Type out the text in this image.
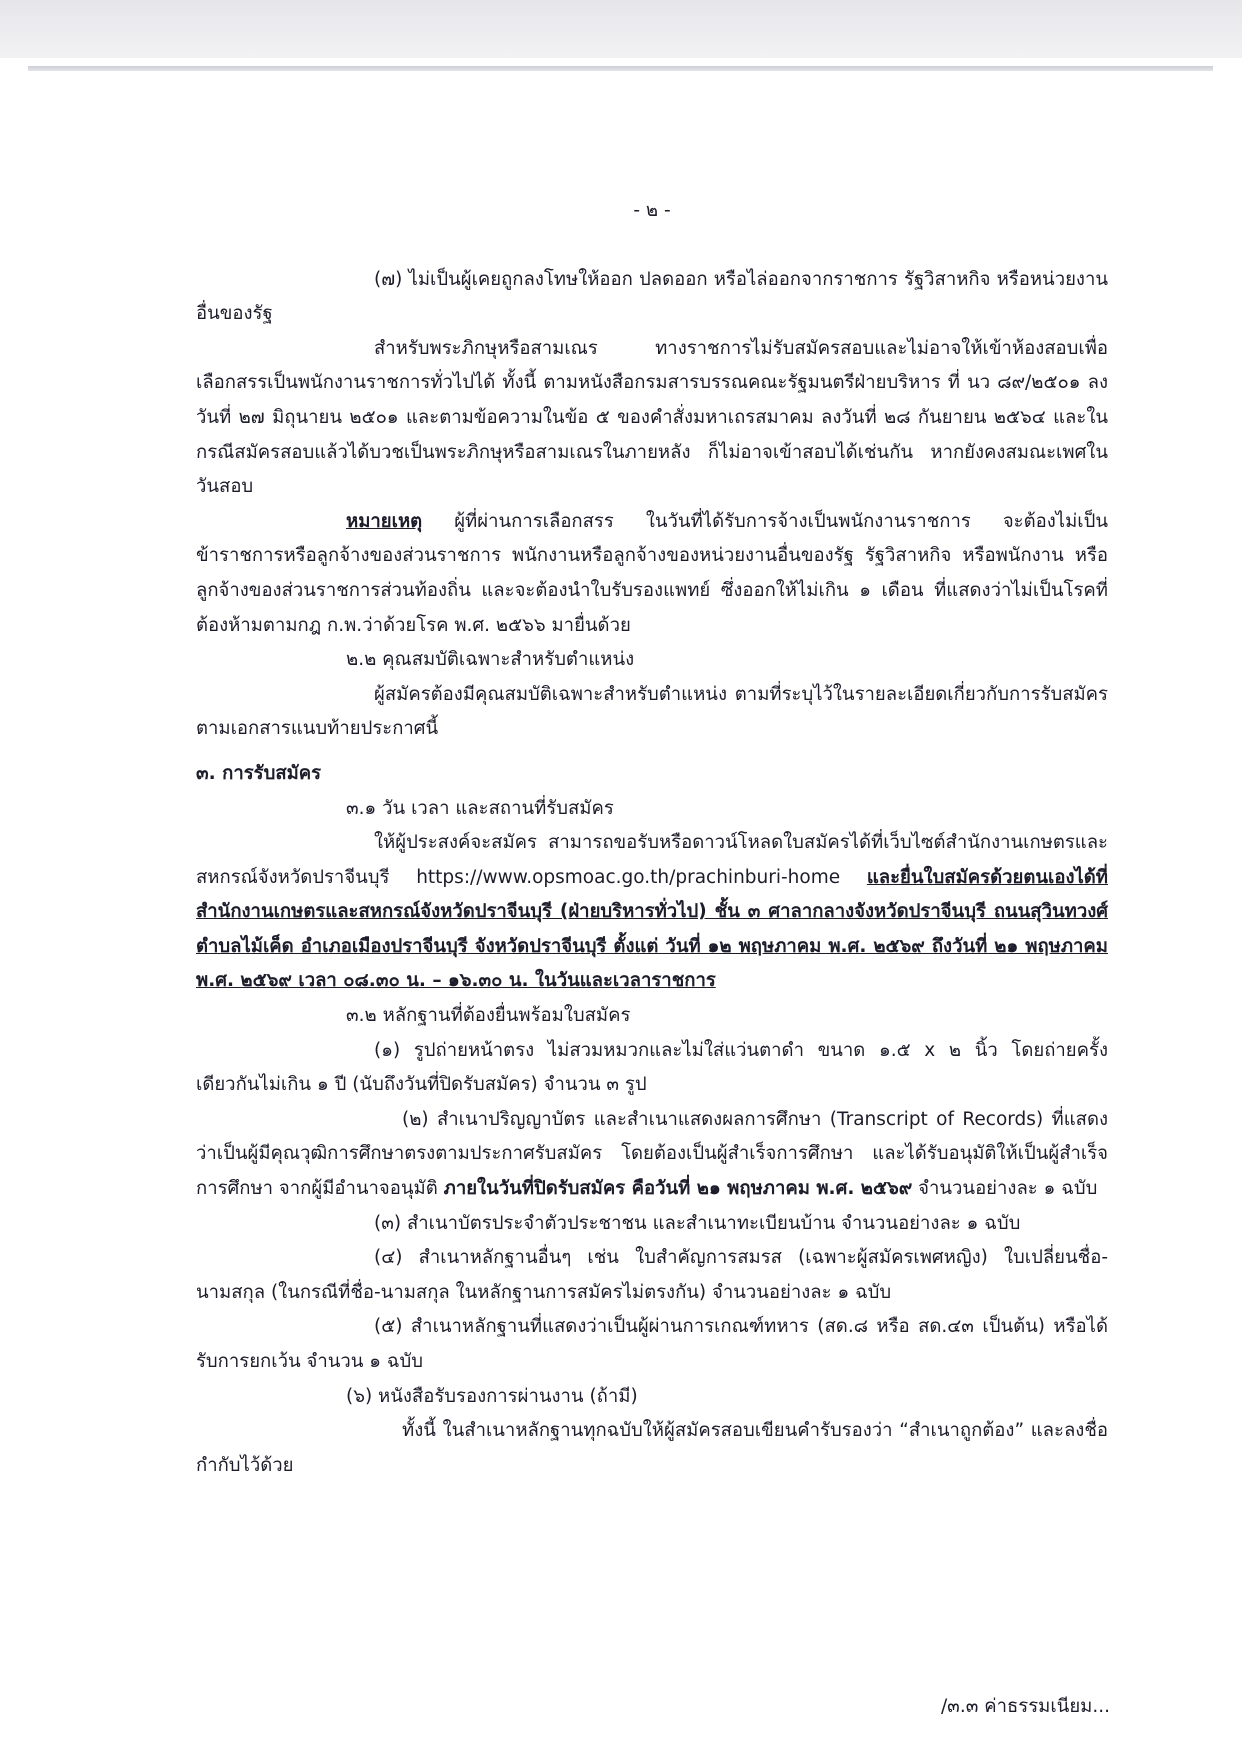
- ๒ -
(๗) ไม่เป็นผู้เคยถูกลงโทษให้ออก ปลดออก หรือไล่ออกจากราชการ รัฐวิสาหกิจ หรือหน่วยงานอื่นของรัฐ
สำหรับพระภิกษุหรือสามเณร ทางราชการไม่รับสมัครสอบและไม่อาจให้เข้าห้องสอบเพื่อเลือกสรรเป็นพนักงานราชการทั่วไปได้ ทั้งนี้ ตามหนังสือกรมสารบรรณคณะรัฐมนตรีฝ่ายบริหาร ที่ นว ๘๙/๒๕๐๑ ลงวันที่ ๒๗ มิถุนายน ๒๕๐๑ และตามข้อความในข้อ ๕ ของคำสั่งมหาเถรสมาคม ลงวันที่ ๒๘ กันยายน ๒๕๖๔ และในกรณีสมัครสอบแล้วได้บวชเป็นพระภิกษุหรือสามเณรในภายหลัง ก็ไม่อาจเข้าสอบได้เช่นกัน หากยังคงสมณะเพศในวันสอบ
หมายเหตุ ผู้ที่ผ่านการเลือกสรร ในวันที่ได้รับการจ้างเป็นพนักงานราชการ จะต้องไม่เป็นข้าราชการหรือลูกจ้างของส่วนราชการ พนักงานหรือลูกจ้างของหน่วยงานอื่นของรัฐ รัฐวิสาหกิจ หรือพนักงาน หรือลูกจ้างของส่วนราชการส่วนท้องถิ่น และจะต้องนำใบรับรองแพทย์ ซึ่งออกให้ไม่เกิน ๑ เดือน ที่แสดงว่าไม่เป็นโรคที่ต้องห้ามตามกฎ ก.พ.ว่าด้วยโรค พ.ศ. ๒๕๖๖ มายื่นด้วย
๒.๒ คุณสมบัติเฉพาะสำหรับตำแหน่ง
ผู้สมัครต้องมีคุณสมบัติเฉพาะสำหรับตำแหน่ง ตามที่ระบุไว้ในรายละเอียดเกี่ยวกับการรับสมัครตามเอกสารแนบท้ายประกาศนี้
๓. การรับสมัคร
๓.๑ วัน เวลา และสถานที่รับสมัคร
ให้ผู้ประสงค์จะสมัคร สามารถขอรับหรือดาวน์โหลดใบสมัครได้ที่เว็บไซต์สำนักงานเกษตรและสหกรณ์จังหวัดปราจีนบุรี https://www.opsmoac.go.th/prachinburi-home และยื่นใบสมัครด้วยตนเองได้ที่ สำนักงานเกษตรและสหกรณ์จังหวัดปราจีนบุรี (ฝ่ายบริหารทั่วไป) ชั้น ๓ ศาลากลางจังหวัดปราจีนบุรี ถนนสุวินทวงศ์ ตำบลไม้เค็ด อำเภอเมืองปราจีนบุรี จังหวัดปราจีนบุรี ตั้งแต่ วันที่ ๑๒ พฤษภาคม พ.ศ. ๒๕๖๙ ถึงวันที่ ๒๑ พฤษภาคม พ.ศ. ๒๕๖๙ เวลา ๐๘.๓๐ น. – ๑๖.๓๐ น. ในวันและเวลาราชการ
๓.๒ หลักฐานที่ต้องยื่นพร้อมใบสมัคร
(๑) รูปถ่ายหน้าตรง ไม่สวมหมวกและไม่ใส่แว่นตาดำ ขนาด ๑.๕ x ๒ นิ้ว โดยถ่ายครั้งเดียวกันไม่เกิน ๑ ปี (นับถึงวันที่ปิดรับสมัคร) จำนวน ๓ รูป
(๒) สำเนาปริญญาบัตร และสำเนาแสดงผลการศึกษา (Transcript of Records) ที่แสดงว่าเป็นผู้มีคุณวุฒิการศึกษาตรงตามประกาศรับสมัคร โดยต้องเป็นผู้สำเร็จการศึกษา และได้รับอนุมัติให้เป็นผู้สำเร็จการศึกษา จากผู้มีอำนาจอนุมัติ ภายในวันที่ปิดรับสมัคร คือวันที่ ๒๑ พฤษภาคม พ.ศ. ๒๕๖๙ จำนวนอย่างละ ๑ ฉบับ
(๓) สำเนาบัตรประจำตัวประชาชน และสำเนาทะเบียนบ้าน จำนวนอย่างละ ๑ ฉบับ
(๔) สำเนาหลักฐานอื่นๆ เช่น ใบสำคัญการสมรส (เฉพาะผู้สมัครเพศหญิง) ใบเปลี่ยนชื่อ-นามสกุล (ในกรณีที่ชื่อ-นามสกุล ในหลักฐานการสมัครไม่ตรงกัน) จำนวนอย่างละ ๑ ฉบับ
(๕) สำเนาหลักฐานที่แสดงว่าเป็นผู้ผ่านการเกณฑ์ทหาร (สด.๘ หรือ สด.๔๓ เป็นต้น) หรือได้รับการยกเว้น จำนวน ๑ ฉบับ
(๖) หนังสือรับรองการผ่านงาน (ถ้ามี)
ทั้งนี้ ในสำเนาหลักฐานทุกฉบับให้ผู้สมัครสอบเขียนคำรับรองว่า “สำเนาถูกต้อง” และลงชื่อกำกับไว้ด้วย
/๓.๓ ค่าธรรมเนียม...
